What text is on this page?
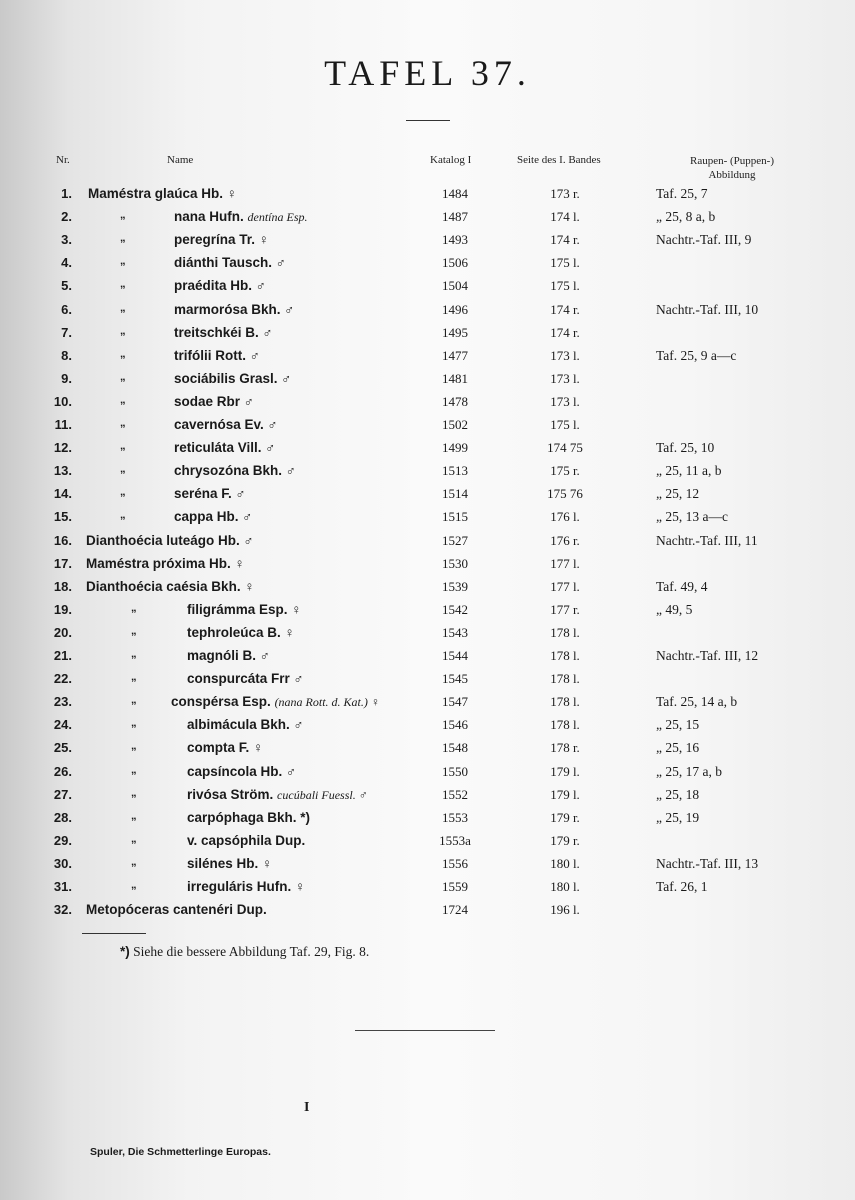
TAFEL 37.
Nr.	Name	Katalog I	Seite des I. Bandes	Raupen- (Puppen-)
Abbildung
1. Maméstra glaúca Hb. ♀	1484	173 r.	Taf. 25, 7
2.	„	nana Hufn. dentína Esp.	1487	174 l.	„ 25, 8 a, b
3.	„	peregrína Tr. ♀	1493	174 r.	Nachtr.-Taf. III, 9
4.	„	diánthi Tausch. ♂	1506	175 l.
5.	„	praédita Hb. ♂	1504	175 l.
6.	„	marmorósa Bkh. ♂	1496	174 r.	Nachtr.-Taf. III, 10
7.	„	treitschkéi B. ♂	1495	174 r.
8.	„	trifólii Rott. ♂	1477	173 l.	Taf. 25, 9 a—c
9.	„	sociábilis Grasl. ♂	1481	173 l.
10.	„	sodae Rbr ♂	1478	173 l.
11.	„	cavernósa Ev. ♂	1502	175 l.
12.	„	reticuláta Vill. ♂	1499	174 75	Taf. 25, 10
13.	„	chrysozóna Bkh. ♂	1513	175 r.	„ 25, 11 a, b
14.	„	seréna F. ♂	1514	175 76	„ 25, 12
15.	„	cappa Hb. ♂	1515	176 l.	„ 25, 13 a—c
16. Dianthoécia luteágo Hb. ♂	1527	176 r.	Nachtr.-Taf. III, 11
17. Maméstra próxima Hb. ♀	1530	177 l.
18. Dianthoécia caésia Bkh. ♀	1539	177 l.	Taf. 49, 4
19.	„	filigrámma Esp. ♀	1542	177 r.	„ 49, 5
20.	„	tephroleúca B. ♀	1543	178 l.
21.	„	magnóli B. ♂	1544	178 l.	Nachtr.-Taf. III, 12
22.	„	conspurcáta Frr ♂	1545	178 l.
23.	„	conspérsa Esp. (nana Rott. d. Kat.) ♀	1547	178 l.	Taf. 25, 14 a, b
24.	„	albimácula Bkh. ♂	1546	178 l.	„ 25, 15
25.	„	compta F. ♀	1548	178 r.	„ 25, 16
26.	„	capsíncola Hb. ♂	1550	179 l.	„ 25, 17 a, b
27.	„	rivósa Ström. cucúbali Fuessl. ♂	1552	179 l.	„ 25, 18
28.	„	carpóphaga Bkh. *)	1553	179 r.	„ 25, 19
29.	„	v. capsóphila Dup.	1553a	179 r.
30.	„	silénes Hb. ♀	1556	180 l.	Nachtr.-Taf. III, 13
31.	„	irreguláris Hufn. ♀	1559	180 l.	Taf. 26, 1
32. Metopóceras cantenéri Dup.	1724	196 l.
*) Siehe die bessere Abbildung Taf. 29, Fig. 8.
I
Spuler, Die Schmetterlinge Europas.
